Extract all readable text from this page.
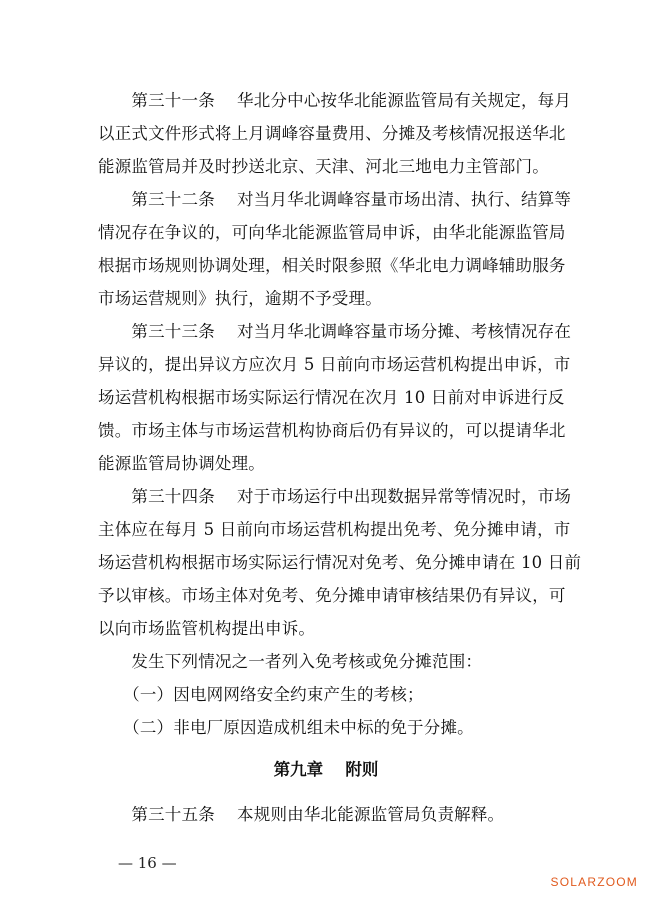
　　第三十一条　 华北分中心按华北能源监管局有关规定，每月
以正式文件形式将上月调峰容量费用、分摊及考核情况报送华北
能源监管局并及时抄送北京、天津、河北三地电力主管部门。
　　第三十二条　 对当月华北调峰容量市场出清、执行、结算等
情况存在争议的，可向华北能源监管局申诉，由华北能源监管局
根据市场规则协调处理，相关时限参照《华北电力调峰辅助服务
市场运营规则》执行，逾期不予受理。
　　第三十三条　 对当月华北调峰容量市场分摊、考核情况存在
异议的，提出异议方应次月 5 日前向市场运营机构提出申诉，市
场运营机构根据市场实际运行情况在次月 10 日前对申诉进行反
馈。市场主体与市场运营机构协商后仍有异议的，可以提请华北
能源监管局协调处理。
　　第三十四条　 对于市场运行中出现数据异常等情况时，市场
主体应在每月 5 日前向市场运营机构提出免考、免分摊申请，市
场运营机构根据市场实际运行情况对免考、免分摊申请在 10 日前
予以审核。市场主体对免考、免分摊申请审核结果仍有异议，可
以向市场监管机构提出申诉。
　　发生下列情况之一者列入免考核或免分摊范围：
　　（一）因电网网络安全约束产生的考核；
　　（二）非电厂原因造成机组未中标的免于分摊。
第九章　 附则
　　第三十五条　 本规则由华北能源监管局负责解释。
— 16 —
SOLARZOOM
